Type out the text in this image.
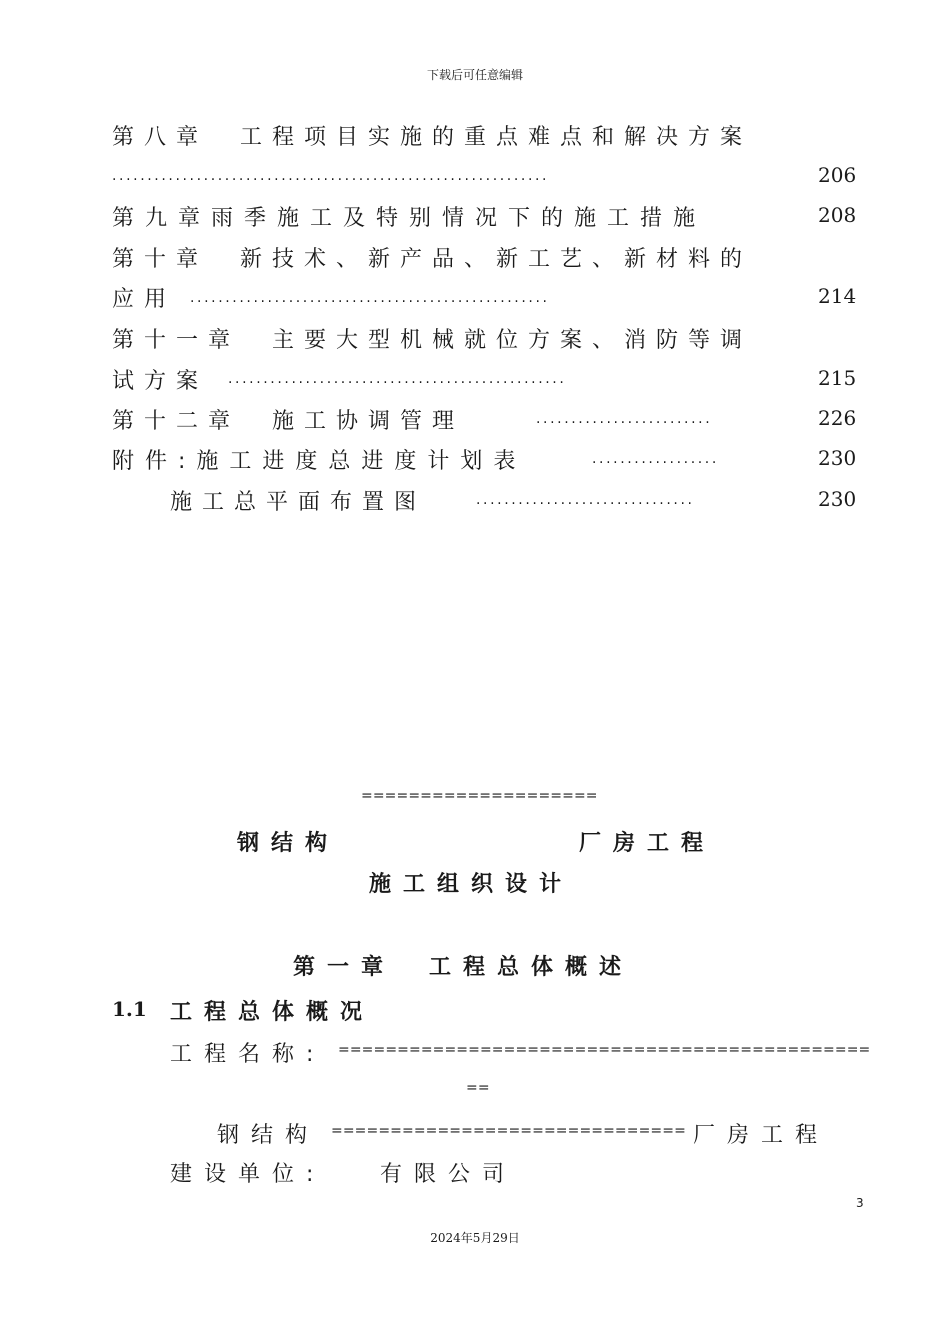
下载后可任意编辑
第八章　工程项目实施的重点难点和解决方案
..............................................................	206
第九章雨季施工及特别情况下的施工措施	208
第十章　新技术、新产品、新工艺、新材料的
应用 ...................................................	214
第十一章　主要大型机械就位方案、消防等调
试方案 ................................................	215
第十二章　施工协调管理	.........................	226
附件:施工进度总进度计划表	..................	230
施工总平面布置图	...............................	230
====================
钢结构	厂房工程
施工组织设计
第一章　工程总体概述
1.1 工程总体概况
工程名称: =============================================
==
钢结构 ============================== 厂房工程
建设单位: 有限公司
3
2024年5月29日
